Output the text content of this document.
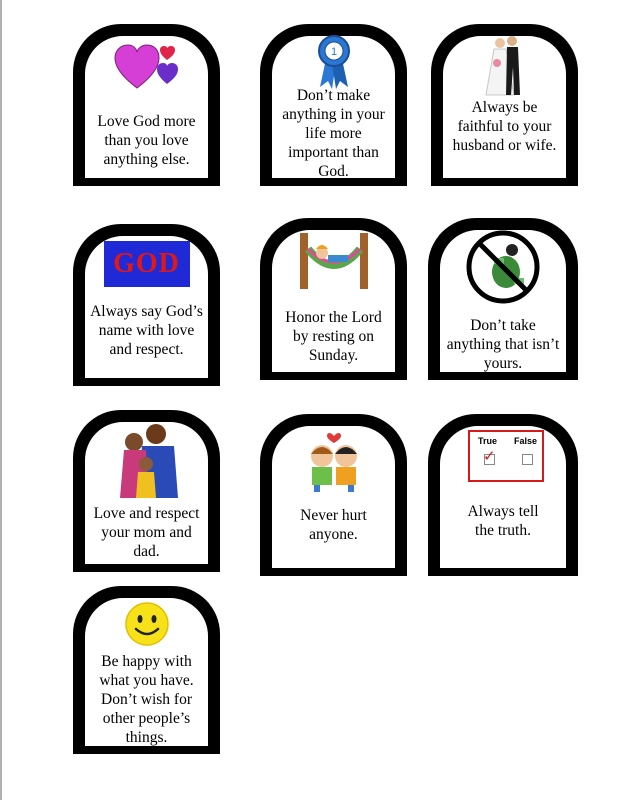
Love God more than you love anything else.
1
Don’t make anything in your life more important than God.
Always be faithful to your husband or wife.
GOD
Always say God’s name with love and respect.
Honor the Lord by resting on Sunday.
Don’t take anything that isn’t yours.
Love and respect your mom and dad.
Never hurt anyone.
True False
✓
Always tell the truth.
Be happy with what you have. Don’t wish for other people’s things.
